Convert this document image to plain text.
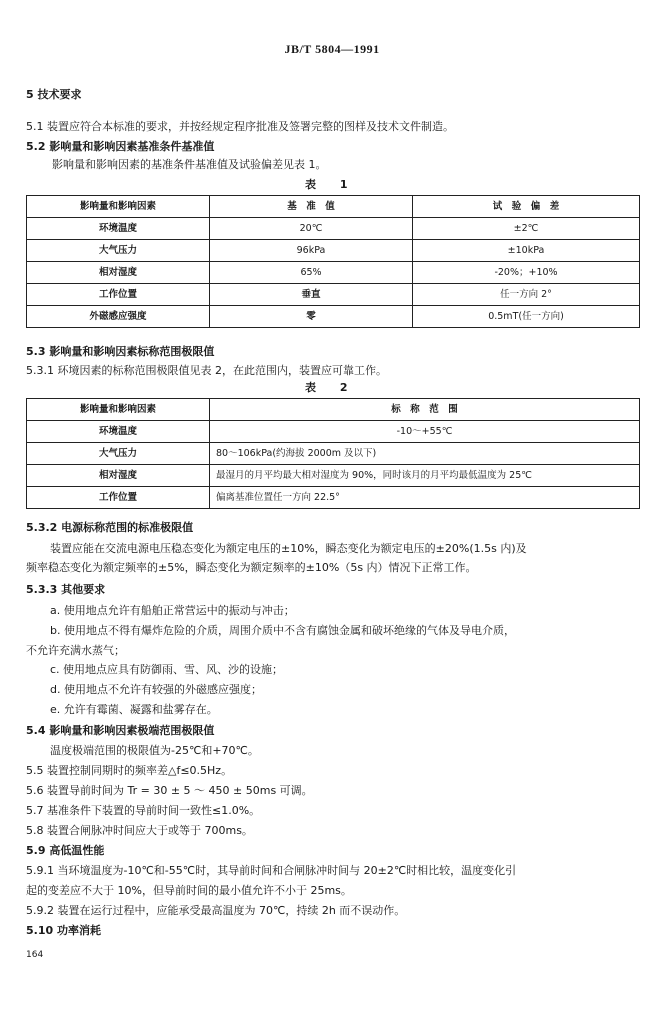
JB/T 5804—1991
5 技术要求
5.1 装置应符合本标准的要求，并按经规定程序批准及签署完整的图样及技术文件制造。
5.2 影响量和影响因素基准条件基准值
影响量和影响因素的基准条件基准值及试验偏差见表 1。
表 1
影响量和影响因素	基　准　值	试　验　偏　差
环境温度	20℃	±2℃
大气压力	96kPa	±10kPa
相对湿度	65%	-20%；+10%
工作位置	垂直	任一方向 2°
外磁感应强度	零	0.5mT(任一方向)
5.3 影响量和影响因素标称范围极限值
5.3.1 环境因素的标称范围极限值见表 2，在此范围内，装置应可靠工作。
表 2
影响量和影响因素	标　称　范　围
环境温度	-10～+55℃
大气压力	80～106kPa(约海拔 2000m 及以下)
相对湿度	最湿月的月平均最大相对湿度为 90%，同时该月的月平均最低温度为 25℃
工作位置	偏离基准位置任一方向 22.5°
5.3.2 电源标称范围的标准极限值
装置应能在交流电源电压稳态变化为额定电压的±10%，瞬态变化为额定电压的±20%(1.5s 内)及
频率稳态变化为额定频率的±5%，瞬态变化为额定频率的±10%（5s 内）情况下正常工作。
5.3.3 其他要求
a. 使用地点允许有船舶正常营运中的振动与冲击；
b. 使用地点不得有爆炸危险的介质，周围介质中不含有腐蚀金属和破坏绝缘的气体及导电介质，
不允许充满水蒸气；
c. 使用地点应具有防御雨、雪、风、沙的设施；
d. 使用地点不允许有较强的外磁感应强度；
e. 允许有霉菌、凝露和盐雾存在。
5.4 影响量和影响因素极端范围极限值
温度极端范围的极限值为-25℃和+70℃。
5.5 装置控制同期时的频率差△f≤0.5Hz。
5.6 装置导前时间为 Tr = 30 ± 5 ～ 450 ± 50ms 可调。
5.7 基准条件下装置的导前时间一致性≤1.0%。
5.8 装置合闸脉冲时间应大于或等于 700ms。
5.9 高低温性能
5.9.1 当环境温度为-10℃和-55℃时，其导前时间和合闸脉冲时间与 20±2℃时相比较，温度变化引
起的变差应不大于 10%，但导前时间的最小值允许不小于 25ms。
5.9.2 装置在运行过程中，应能承受最高温度为 70℃，持续 2h 而不误动作。
5.10 功率消耗
164
